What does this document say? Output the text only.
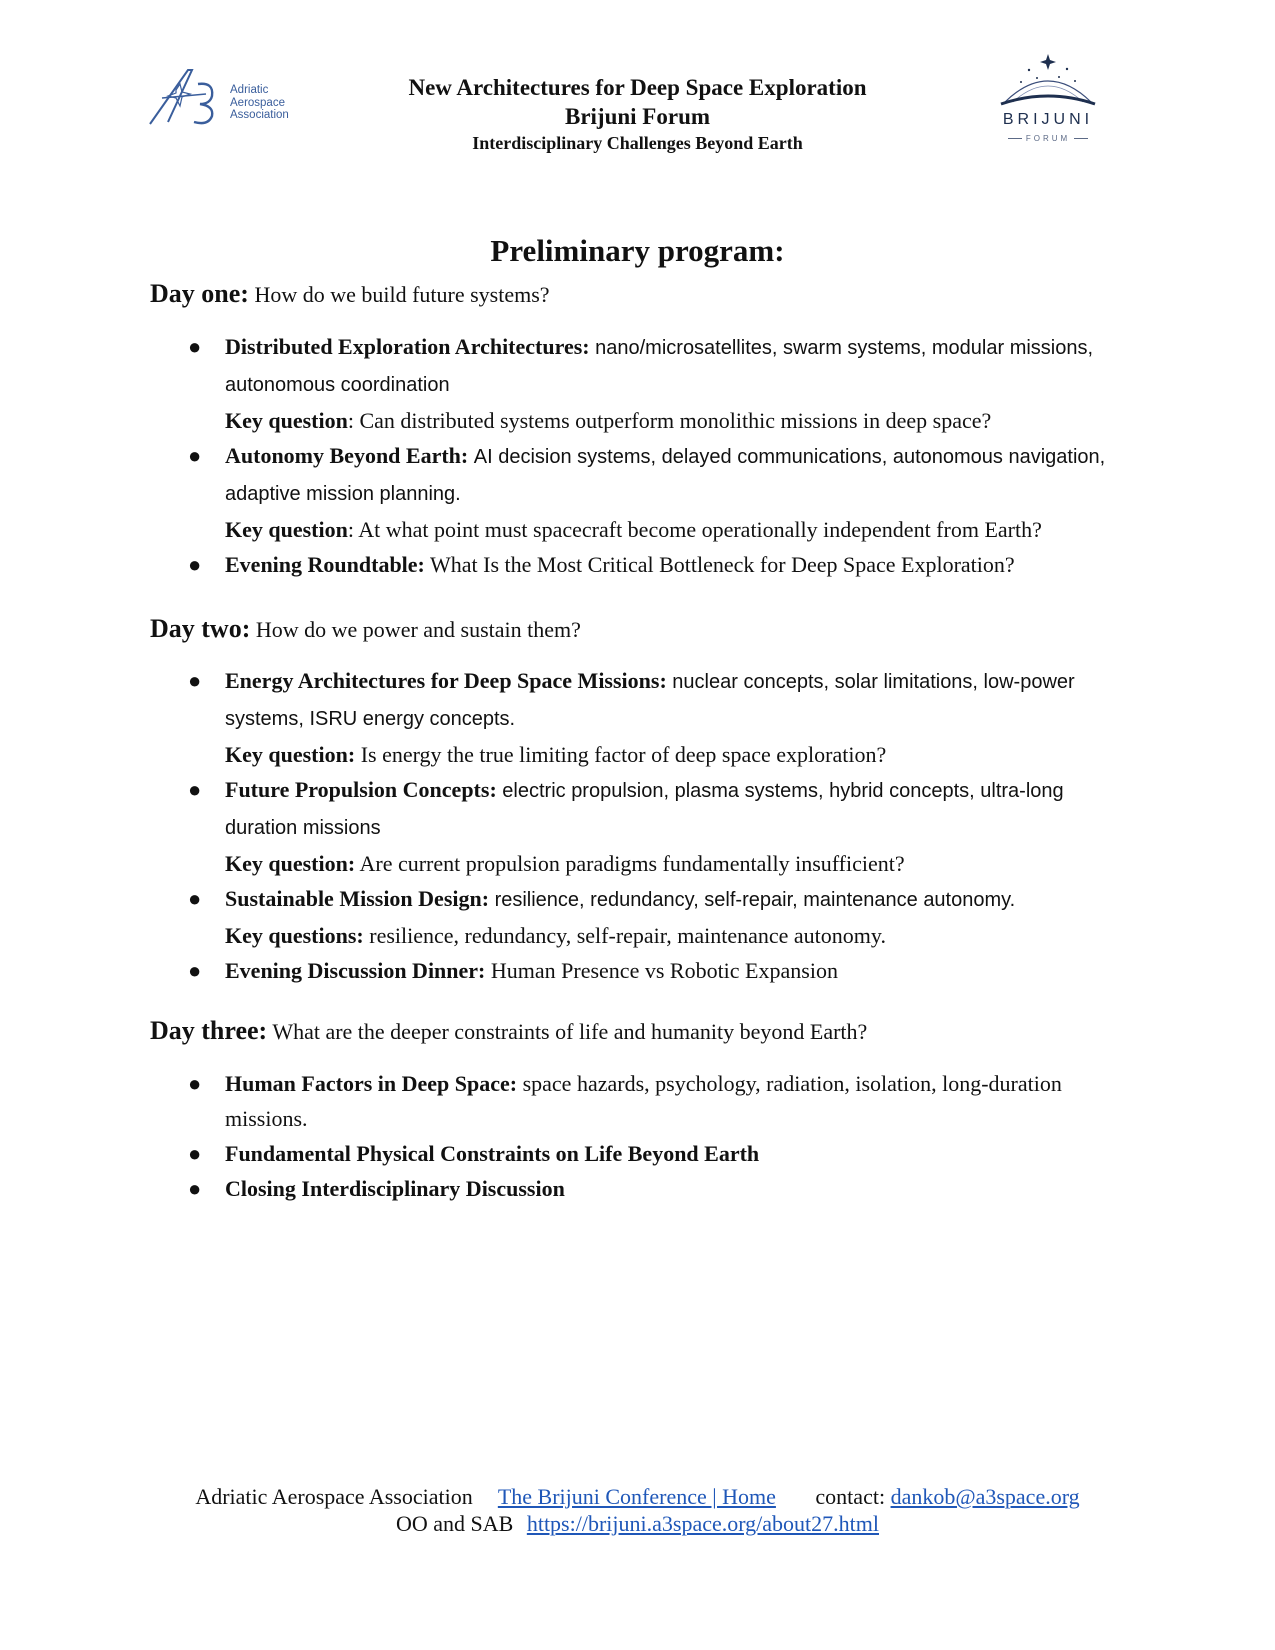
Adriatic
Aerospace
Association
New Architectures for Deep Space Exploration
Brijuni Forum
Interdisciplinary Challenges Beyond Earth
BRIJUNI
FORUM
Preliminary program:
Day one: How do we build future systems?
● Distributed Exploration Architectures: nano/microsatellites, swarm systems, modular missions, autonomous coordination
Key question: Can distributed systems outperform monolithic missions in deep space?
● Autonomy Beyond Earth: AI decision systems, delayed communications, autonomous navigation, adaptive mission planning.
Key question: At what point must spacecraft become operationally independent from Earth?
● Evening Roundtable: What Is the Most Critical Bottleneck for Deep Space Exploration?
Day two: How do we power and sustain them?
● Energy Architectures for Deep Space Missions: nuclear concepts, solar limitations, low-power systems, ISRU energy concepts.
Key question: Is energy the true limiting factor of deep space exploration?
● Future Propulsion Concepts: electric propulsion, plasma systems, hybrid concepts, ultra-long duration missions
Key question: Are current propulsion paradigms fundamentally insufficient?
● Sustainable Mission Design: resilience, redundancy, self-repair, maintenance autonomy.
Key questions: resilience, redundancy, self-repair, maintenance autonomy.
● Evening Discussion Dinner: Human Presence vs Robotic Expansion
Day three: What are the deeper constraints of life and humanity beyond Earth?
● Human Factors in Deep Space: space hazards, psychology, radiation, isolation, long-duration missions.
● Fundamental Physical Constraints on Life Beyond Earth
● Closing Interdisciplinary Discussion
Adriatic Aerospace Association The Brijuni Conference | Home contact: dankob@a3space.org
OO and SAB https://brijuni.a3space.org/about27.html
